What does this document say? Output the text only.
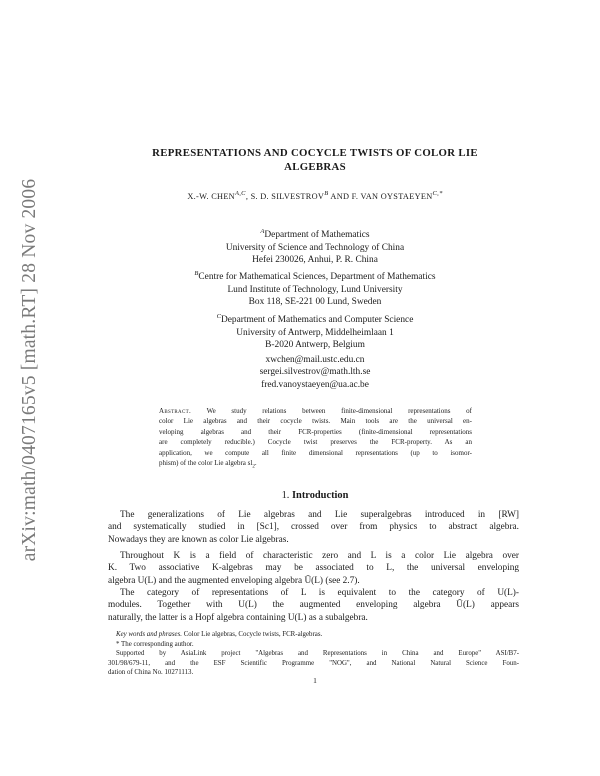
arXiv:math/0407165v5 [math.RT] 28 Nov 2006
REPRESENTATIONS AND COCYCLE TWISTS OF COLOR LIE
ALGEBRAS
X.-W. $CHEN^{A,C}$, S. D. $SILVESTROV^B$ AND F. VAN $OYSTAEYEN^{C,*}$
$^A$Department of Mathematics
University of Science and Technology of China
Hefei 230026, Anhui, P. R. China
$^B$Centre for Mathematical Sciences, Department of Mathematics
Lund Institute of Technology, Lund University
Box 118, SE-221 00 Lund, Sweden
$^C$Department of Mathematics and Computer Science
University of Antwerp, Middelheimlaan 1
B-2020 Antwerp, Belgium
xwchen@mail.ustc.edu.cn
sergei.silvestrov@math.lth.se
fred.vanoystaeyen@ua.ac.be
Abstract. We study relations between finite-dimensional representations of
color Lie algebras and their cocycle twists. Main tools are the universal en-
veloping algebras and their FCR-properties (finite-dimensional representations
are completely reducible.) Cocycle twist preserves the FCR-property. As an
application, we compute all finite dimensional representations (up to isomor-
phism) of the color Lie algebra $sl_2$.
1. Introduction
The generalizations of Lie algebras and Lie superalgebras introduced in [RW]
and systematically studied in [Sc1], crossed over from physics to abstract algebra.
Nowadays they are known as color Lie algebras.
Throughout K is a field of characteristic zero and L is a color Lie algebra over
K. Two associative K-algebras may be associated to L, the universal enveloping
algebra U(L) and the augmented enveloping algebra Ũ(L) (see 2.7).
The category of representations of L is equivalent to the category of U(L)-
modules. Together with U(L) the augmented enveloping algebra Ũ(L) appears
naturally, the latter is a Hopf algebra containing U(L) as a subalgebra.
Key words and phrases. Color Lie algebras, Cocycle twists, FCR-algebras.
* The corresponding author.
Supported by AsiaLink project "Algebras and Representations in China and Europe" ASI/B7-
301/98/679-11, and the ESF Scientific Programme "NOG", and National Natural Science Foun-
dation of China No. 10271113.
1
